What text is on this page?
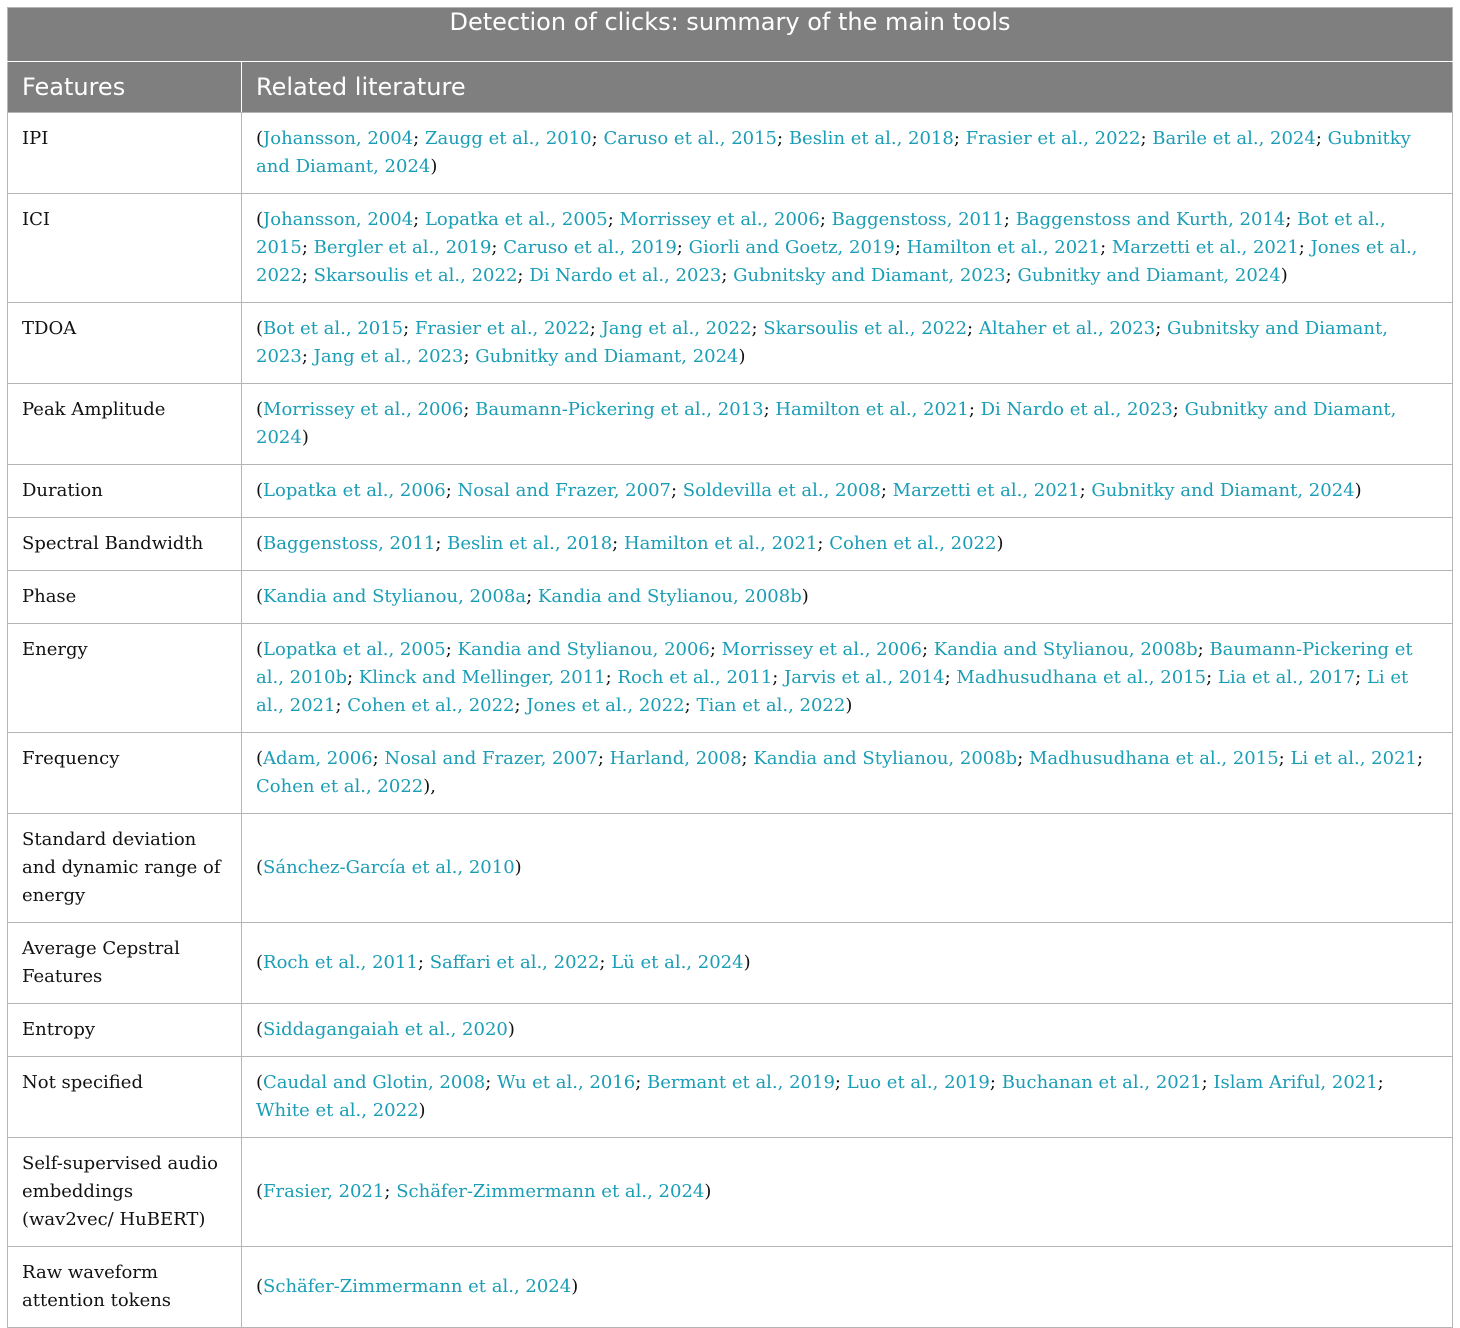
Detection of clicks: summary of the main tools	
Features	Related literature
IPI	(Johansson, 2004; Zaugg et al., 2010; Caruso et al., 2015; Beslin et al., 2018; Frasier et al., 2022; Barile et al., 2024; Gubnitky and Diamant, 2024)
ICI	(Johansson, 2004; Lopatka et al., 2005; Morrissey et al., 2006; Baggenstoss, 2011; Baggenstoss and Kurth, 2014; Bot et al., 2015; Bergler et al., 2019; Caruso et al., 2019; Giorli and Goetz, 2019; Hamilton et al., 2021; Marzetti et al., 2021; Jones et al., 2022; Skarsoulis et al., 2022; Di Nardo et al., 2023; Gubnitsky and Diamant, 2023; Gubnitky and Diamant, 2024)
TDOA	(Bot et al., 2015; Frasier et al., 2022; Jang et al., 2022; Skarsoulis et al., 2022; Altaher et al., 2023; Gubnitsky and Diamant, 2023; Jang et al., 2023; Gubnitky and Diamant, 2024)
Peak Amplitude	(Morrissey et al., 2006; Baumann-Pickering et al., 2013; Hamilton et al., 2021; Di Nardo et al., 2023; Gubnitky and Diamant, 2024)
Duration	(Lopatka et al., 2006; Nosal and Frazer, 2007; Soldevilla et al., 2008; Marzetti et al., 2021; Gubnitky and Diamant, 2024)
Spectral Bandwidth	(Baggenstoss, 2011; Beslin et al., 2018; Hamilton et al., 2021; Cohen et al., 2022)
Phase	(Kandia and Stylianou, 2008a; Kandia and Stylianou, 2008b)
Energy	(Lopatka et al., 2005; Kandia and Stylianou, 2006; Morrissey et al., 2006; Kandia and Stylianou, 2008b; Baumann-Pickering et al., 2010b; Klinck and Mellinger, 2011; Roch et al., 2011; Jarvis et al., 2014; Madhusudhana et al., 2015; Lia et al., 2017; Li et al., 2021; Cohen et al., 2022; Jones et al., 2022; Tian et al., 2022)
Frequency	(Adam, 2006; Nosal and Frazer, 2007; Harland, 2008; Kandia and Stylianou, 2008b; Madhusudhana et al., 2015; Li et al., 2021; Cohen et al., 2022),
Standard deviation and dynamic range of energy	(Sánchez-García et al., 2010)
Average Cepstral Features	(Roch et al., 2011; Saffari et al., 2022; Lü et al., 2024)
Entropy	(Siddagangaiah et al., 2020)
Not specified	(Caudal and Glotin, 2008; Wu et al., 2016; Bermant et al., 2019; Luo et al., 2019; Buchanan et al., 2021; Islam Ariful, 2021; White et al., 2022)
Self-supervised audio embeddings (wav2vec/ HuBERT)	(Frasier, 2021; Schäfer-Zimmermann et al., 2024)
Raw waveform attention tokens	(Schäfer-Zimmermann et al., 2024)
